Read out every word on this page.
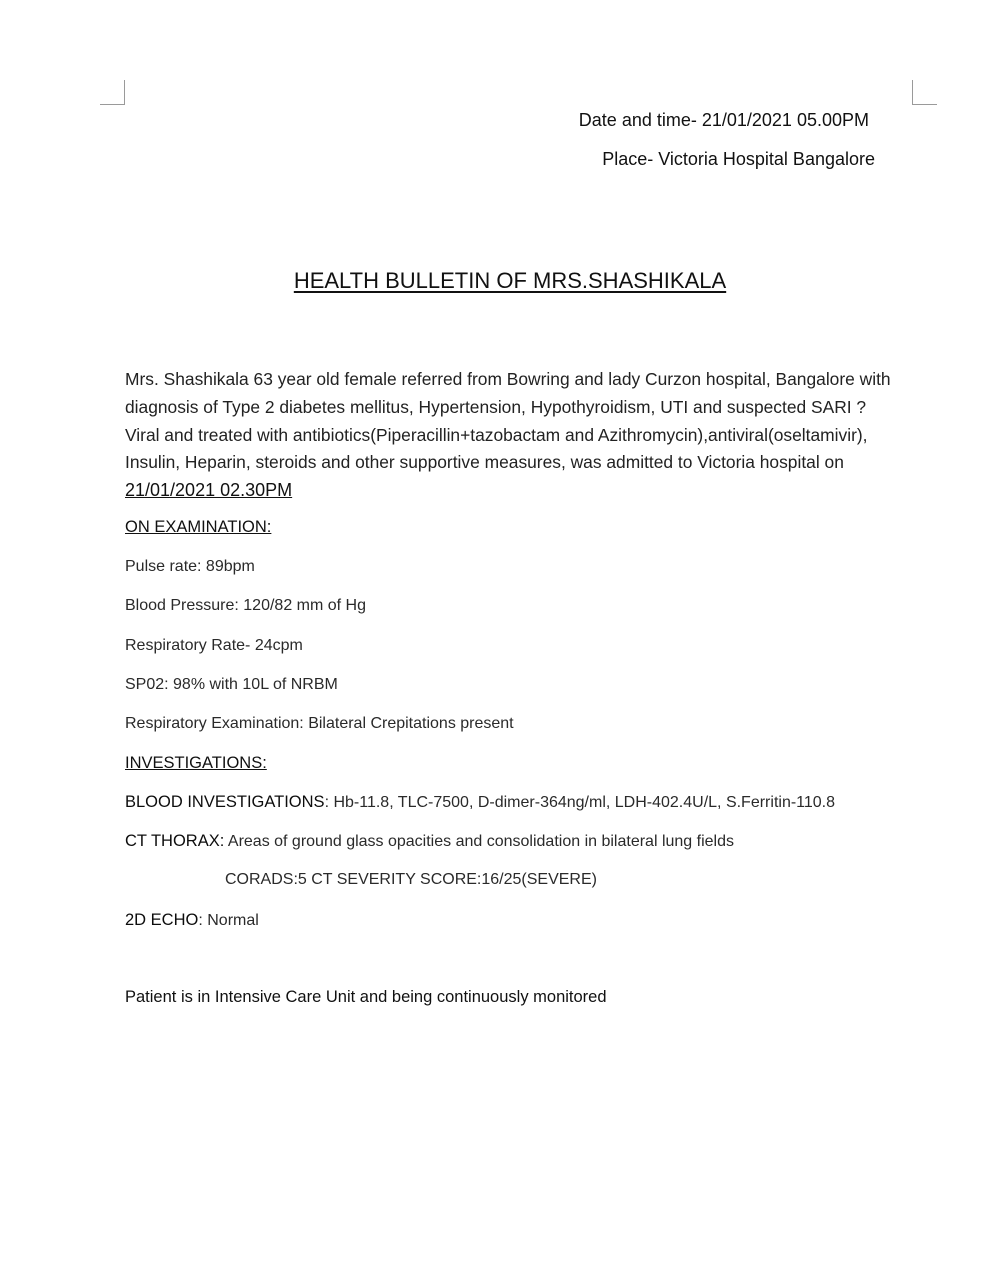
Date and time- 21/01/2021 05.00PM
Place- Victoria Hospital Bangalore
HEALTH BULLETIN OF MRS.SHASHIKALA
Mrs. Shashikala 63 year old female referred from Bowring and lady Curzon hospital, Bangalore with diagnosis of Type 2 diabetes mellitus, Hypertension, Hypothyroidism, UTI and suspected SARI ?Viral and treated with antibiotics(Piperacillin+tazobactam and Azithromycin),antiviral(oseltamivir), Insulin, Heparin, steroids and other supportive measures, was admitted to Victoria hospital on 21/01/2021 02.30PM
ON EXAMINATION:
Pulse rate: 89bpm
Blood Pressure: 120/82 mm of Hg
Respiratory Rate- 24cpm
SP02: 98% with 10L of NRBM
Respiratory Examination: Bilateral Crepitations present
INVESTIGATIONS:
BLOOD INVESTIGATIONS: Hb-11.8, TLC-7500, D-dimer-364ng/ml, LDH-402.4U/L, S.Ferritin-110.8
CT THORAX: Areas of ground glass opacities and consolidation in bilateral lung fields
CORADS:5 CT SEVERITY SCORE:16/25(SEVERE)
2D ECHO: Normal
Patient is in Intensive Care Unit and being continuously monitored
